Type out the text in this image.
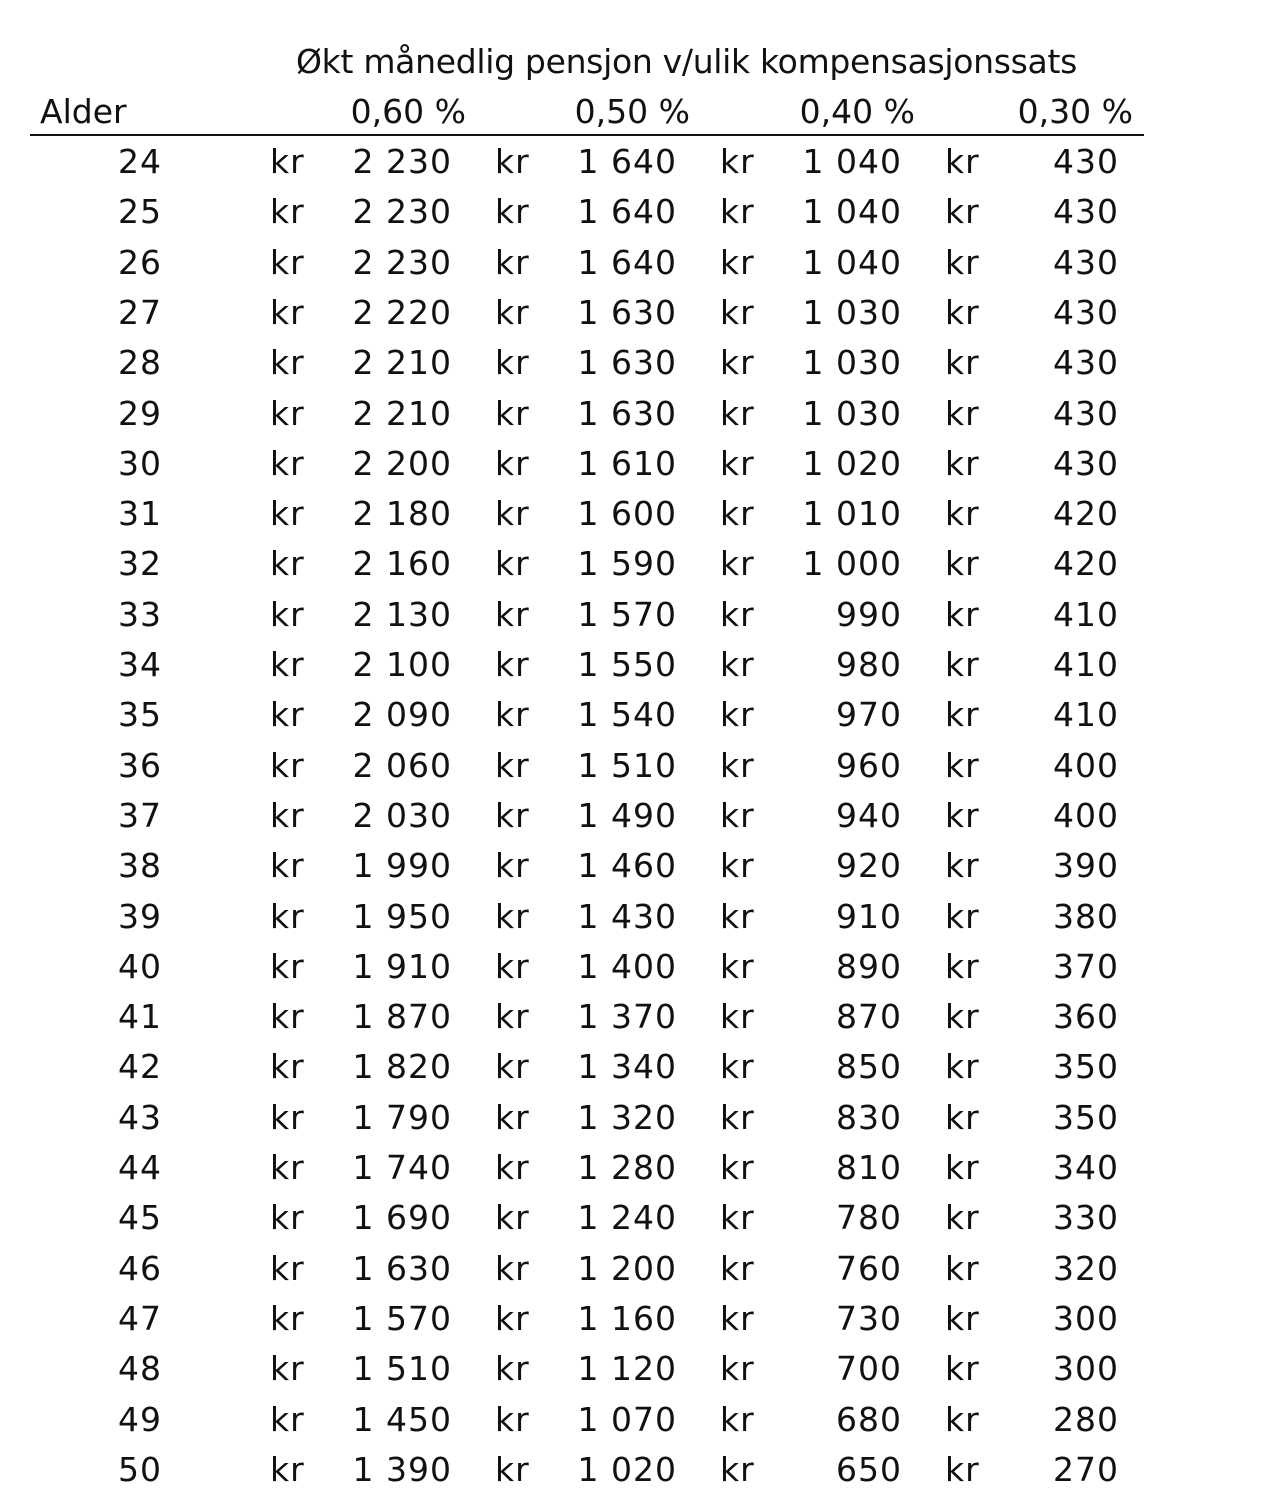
Økt månedlig pensjon v/ulik kompensasjonssats
Alder	0,60 %	0,50 %	0,40 %	0,30 %
24	kr	2 230 kr	1 640 kr	1 040 kr	430
25	kr	2 230 kr	1 640 kr	1 040 kr	430
26	kr	2 230 kr	1 640 kr	1 040 kr	430
27	kr	2 220 kr	1 630 kr	1 030 kr	430
28	kr	2 210 kr	1 630 kr	1 030 kr	430
29	kr	2 210 kr	1 630 kr	1 030 kr	430
30	kr	2 200 kr	1 610 kr	1 020 kr	430
31	kr	2 180 kr	1 600 kr	1 010 kr	420
32	kr	2 160 kr	1 590 kr	1 000 kr	420
33	kr	2 130 kr	1 570 kr	990 kr	410
34	kr	2 100 kr	1 550 kr	980 kr	410
35	kr	2 090 kr	1 540 kr	970 kr	410
36	kr	2 060 kr	1 510 kr	960 kr	400
37	kr	2 030 kr	1 490 kr	940 kr	400
38	kr	1 990 kr	1 460 kr	920 kr	390
39	kr	1 950 kr	1 430 kr	910 kr	380
40	kr	1 910 kr	1 400 kr	890 kr	370
41	kr	1 870 kr	1 370 kr	870 kr	360
42	kr	1 820 kr	1 340 kr	850 kr	350
43	kr	1 790 kr	1 320 kr	830 kr	350
44	kr	1 740 kr	1 280 kr	810 kr	340
45	kr	1 690 kr	1 240 kr	780 kr	330
46	kr	1 630 kr	1 200 kr	760 kr	320
47	kr	1 570 kr	1 160 kr	730 kr	300
48	kr	1 510 kr	1 120 kr	700 kr	300
49	kr	1 450 kr	1 070 kr	680 kr	280
50	kr	1 390 kr	1 020 kr	650 kr	270
